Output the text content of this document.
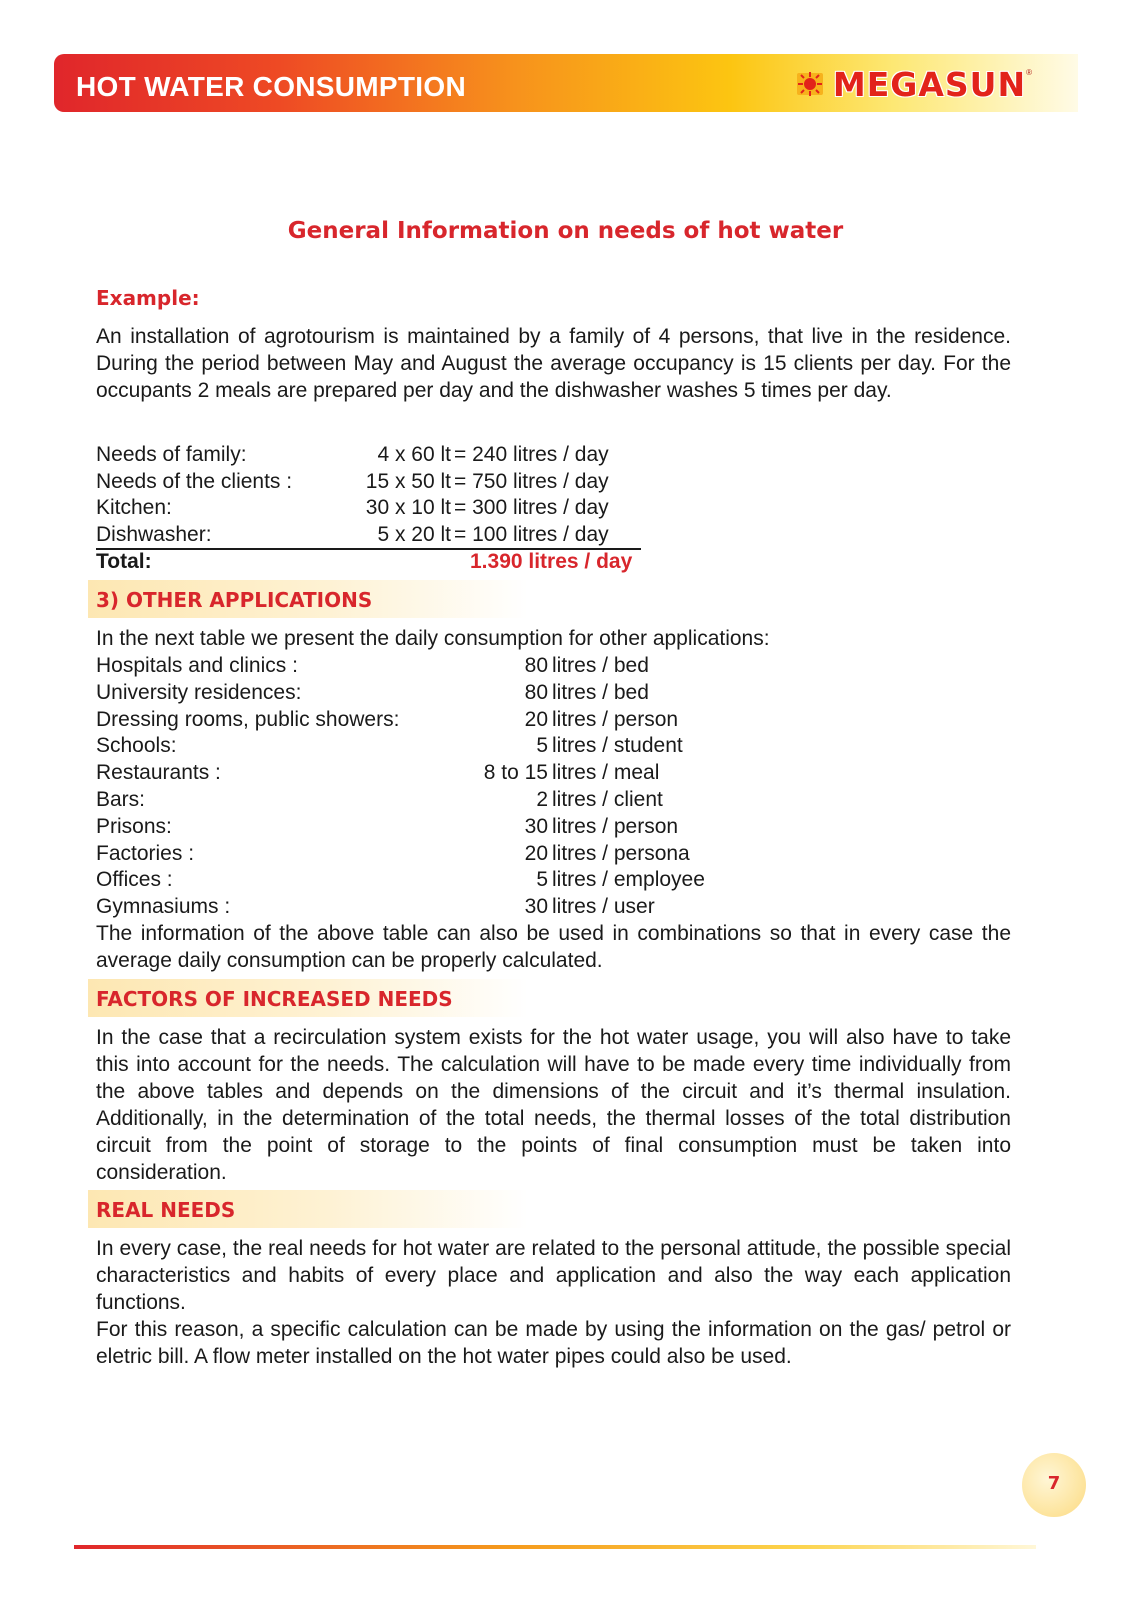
HOT WATER CONSUMPTION	MEGASUN ®
General Information on needs of hot water
Example:

An installation of agrotourism is maintained by a family of 4 persons, that live in the residence. During the period between May and August the average occupancy is 15 clients per day. For the occupants 2 meals are prepared per day and the dishwasher washes 5 times per day.

Needs of family:	4 x 60 lt = 240 litres / day
Needs of the clients :	15 x 50 lt = 750 litres / day
Kitchen:	30 x 10 lt = 300 litres / day
Dishwasher:	5 x 20 lt = 100 litres / day
Total:	1.390 litres / day
3) OTHER APPLICATIONS

In the next table we present the daily consumption for other applications:

Hospitals and clinics :	80 litres / bed
University residences:	80 litres / bed
Dressing rooms, public showers:	20 litres / person
Schools:	5 litres / student
Restaurants :	8 to 15 litres / meal
Bars:	2 litres / client
Prisons:	30 litres / person
Factories :	20 litres / persona
Offices :	5 litres / employee
Gymnasiums :	30 litres / user

The information of the above table can also be used in combinations so that in every case the average daily consumption can be properly calculated.

FACTORS OF INCREASED NEEDS

In the case that a recirculation system exists for the hot water usage, you will also have to take this into account for the needs. The calculation will have to be made every time individually from the above tables and depends on the dimensions of the circuit and it’s thermal insulation. Additionally, in the determination of the total needs, the thermal losses of the total distribution circuit from the point of storage to the points of final consumption must be taken into consideration.

REAL NEEDS

In every case, the real needs for hot water are related to the personal attitude, the possible special characteristics and habits of every place and application and also the way each application functions.

For this reason, a specific calculation can be made by using the information on the gas/ petrol or eletric bill. A flow meter installed on the hot water pipes could also be used.

7
